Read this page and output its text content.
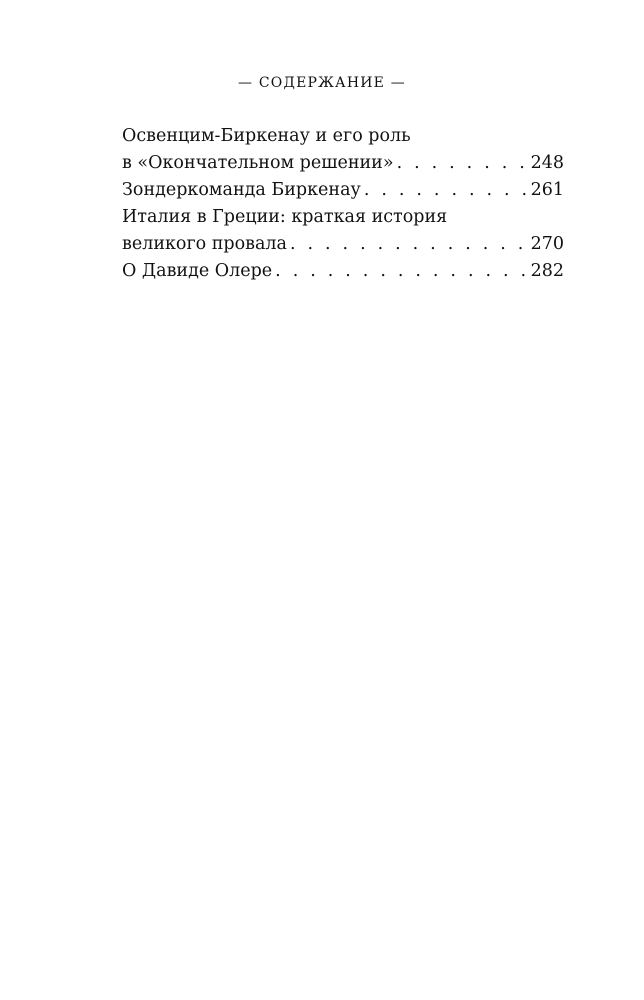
— СОДЕРЖАНИЕ —
Освенцим-Биркенау и его роль
в «Окончательном решении» . . .	248
Зондеркоманда Биркенау . . .	261
Италия в Греции: краткая история
великого провала . . .	270
О Давиде Олере . . .	282
